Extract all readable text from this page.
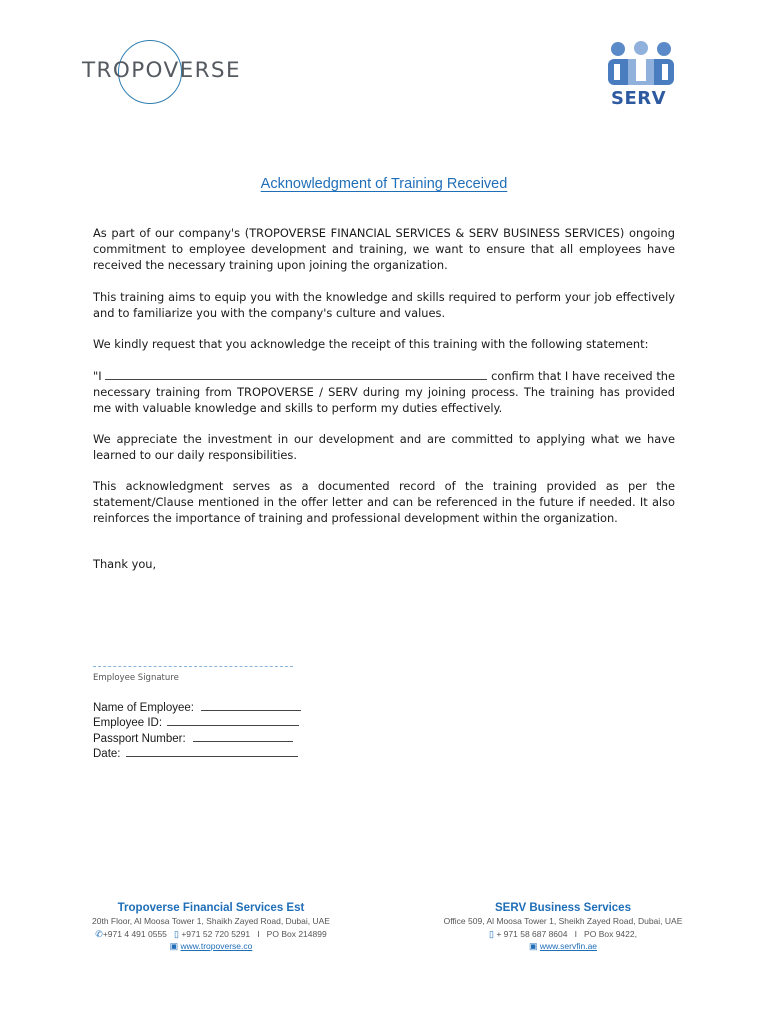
TROPOVERSE
SERV
Acknowledgment of Training Received
As part of our company's (TROPOVERSE FINANCIAL SERVICES & SERV BUSINESS SERVICES) ongoing commitment to employee development and training, we want to ensure that all employees have received the necessary training upon joining the organization.
This training aims to equip you with the knowledge and skills required to perform your job effectively and to familiarize you with the company's culture and values.
We kindly request that you acknowledge the receipt of this training with the following statement:
"I	confirm that I have received the necessary training from TROPOVERSE / SERV during my joining process. The training has provided me with valuable knowledge and skills to perform my duties effectively.
We appreciate the investment in our development and are committed to applying what we have learned to our daily responsibilities.
This acknowledgment serves as a documented record of the training provided as per the statement/Clause mentioned in the offer letter and can be referenced in the future if needed. It also reinforces the importance of training and professional development within the organization.
Thank you,
Employee Signature
Name of Employee:
Employee ID:
Passport Number:
Date:
Tropoverse Financial Services Est
20th Floor, Al Moosa Tower 1, Shaikh Zayed Road, Dubai, UAE
✆+971 4 491 0555 ▯ +971 52 720 5291 I PO Box 214899
▣ www.tropoverse.co
SERV Business Services
Office 509, Al Moosa Tower 1, Sheikh Zayed Road, Dubai, UAE
▯ + 971 58 687 8604 I PO Box 9422,
▣ www.servfin.ae
